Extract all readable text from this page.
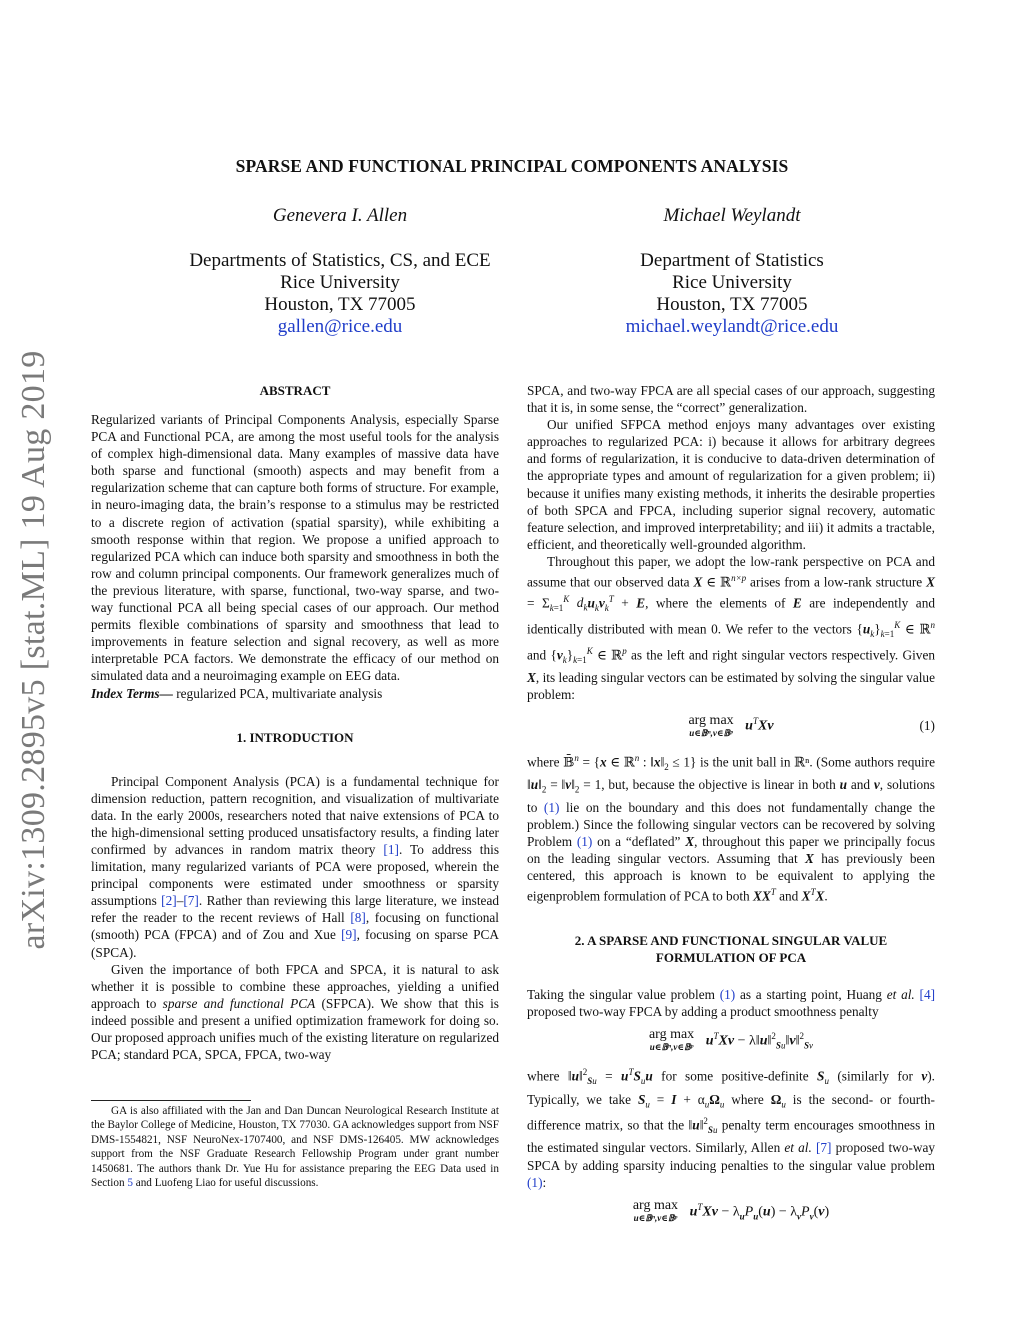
arXiv:1309.2895v5 [stat.ML] 19 Aug 2019
SPARSE AND FUNCTIONAL PRINCIPAL COMPONENTS ANALYSIS
Genevera I. Allen
Departments of Statistics, CS, and ECE
Rice University
Houston, TX 77005
gallen@rice.edu
Michael Weylandt
Department of Statistics
Rice University
Houston, TX 77005
michael.weylandt@rice.edu
ABSTRACT

Regularized variants of Principal Components Analysis, especially Sparse PCA and Functional PCA, are among the most useful tools for the analysis of complex high-dimensional data. Many examples of massive data have both sparse and functional (smooth) aspects and may benefit from a regularization scheme that can capture both forms of structure. For example, in neuro-imaging data, the brain’s response to a stimulus may be restricted to a discrete region of activation (spatial sparsity), while exhibiting a smooth response within that region. We propose a unified approach to regularized PCA which can induce both sparsity and smoothness in both the row and column principal components. Our framework generalizes much of the previous literature, with sparse, functional, two-way sparse, and two-way functional PCA all being special cases of our approach. Our method permits flexible combinations of sparsity and smoothness that lead to improvements in feature selection and signal recovery, as well as more interpretable PCA factors. We demonstrate the efficacy of our method on simulated data and a neuroimaging example on EEG data.

Index Terms— regularized PCA, multivariate analysis

1. INTRODUCTION

Principal Component Analysis (PCA) is a fundamental technique for dimension reduction, pattern recognition, and visualization of multivariate data. In the early 2000s, researchers noted that naive extensions of PCA to the high-dimensional setting produced unsatisfactory results, a finding later confirmed by advances in random matrix theory [1]. To address this limitation, many regularized variants of PCA were proposed, wherein the principal components were estimated under smoothness or sparsity assumptions [2]–[7]. Rather than reviewing this large literature, we instead refer the reader to the recent reviews of Hall [8], focusing on functional (smooth) PCA (FPCA) and of Zou and Xue [9], focusing on sparse PCA (SPCA).

Given the importance of both FPCA and SPCA, it is natural to ask whether it is possible to combine these approaches, yielding a unified approach to sparse and functional PCA (SFPCA). We show that this is indeed possible and present a unified optimization framework for doing so. Our proposed approach unifies much of the existing literature on regularized PCA; standard PCA, SPCA, FPCA, two-way

GA is also affiliated with the Jan and Dan Duncan Neurological Research Institute at the Baylor College of Medicine, Houston, TX 77030. GA acknowledges support from NSF DMS-1554821, NSF NeuroNex-1707400, and NSF DMS-126405. MW acknowledges support from the NSF Graduate Research Fellowship Program under grant number 1450681. The authors thank Dr. Yue Hu for assistance preparing the EEG Data used in Section 5 and Luofeng Liao for useful discussions.

SPCA, and two-way FPCA are all special cases of our approach, suggesting that it is, in some sense, the “correct” generalization.

Our unified SFPCA method enjoys many advantages over existing approaches to regularized PCA: i) because it allows for arbitrary degrees and forms of regularization, it is conducive to data-driven determination of the appropriate types and amount of regularization for a given problem; ii) because it unifies many existing methods, it inherits the desirable properties of both SPCA and FPCA, including superior signal recovery, automatic feature selection, and improved interpretability; and iii) it admits a tractable, efficient, and theoretically well-grounded algorithm.

Throughout this paper, we adopt the low-rank perspective on PCA and assume that our observed data X ∈ ℝ$^{n\times p}$ arises from a low-rank structure $X = \Sigma_{k=1}^K$ $d_ku_kv_k^T + E$, where the elements of E are independently and identically distributed with mean 0. We refer to the vectors $\{u_k\}_{k=1}^K$ ∈ ℝ$^n$ and $\{v_k\}_{k=1}^K$ ∈ ℝ$^p$ as the left and right singular vectors respectively. Given X, its leading singular vectors can be estimated by solving the singular value problem:

arg max
u∈𝔹ⁿ,v∈𝔹ᵖ $u^TXv$	(1)

where 𝔹̄$^n$ = {x ∈ ℝ$^n$ : $‖x‖_2 \le 1$} is the unit ball in ℝⁿ. (Some authors require $‖u‖_2$ = $‖v‖_2 = 1$, but, because the objective is linear in both u and v, solutions to (1) lie on the boundary and this does not fundamentally change the problem.) Since the following singular vectors can be recovered by solving Problem (1) on a “deflated” X, throughout this paper we principally focus on the leading singular vectors. Assuming that X has previously been centered, this approach is known to be equivalent to applying the eigenproblem formulation of PCA to both $XX^T$ and $X^TX$.

2. A SPARSE AND FUNCTIONAL SINGULAR VALUE
FORMULATION OF PCA

Taking the singular value problem (1) as a starting point, Huang et al. [4] proposed two-way FPCA by adding a product smoothness penalty

arg max
u∈𝔹ⁿ,v∈𝔹ᵖ $u^TXv$ − λ‖u‖$^2_{Su}$‖v‖$^2_{Sv}$

where ‖u‖$^2_{Su}$ = $u^TS_uu$ for some positive-definite $S_u$ (similarly for v). Typically, we take $S_u = I + \alpha_u\Omega_u$ where $\Omega_u$ is the second- or fourth-difference matrix, so that the ‖u‖$^2_{Su}$ penalty term encourages smoothness in the estimated singular vectors. Similarly, Allen et al. [7] proposed two-way SPCA by adding sparsity inducing penalties to the singular value problem (1):

arg max
u∈𝔹ⁿ,v∈𝔹ᵖ $u^TXv - \lambda_uP_u(u) - \lambda_vP_v(v)$
